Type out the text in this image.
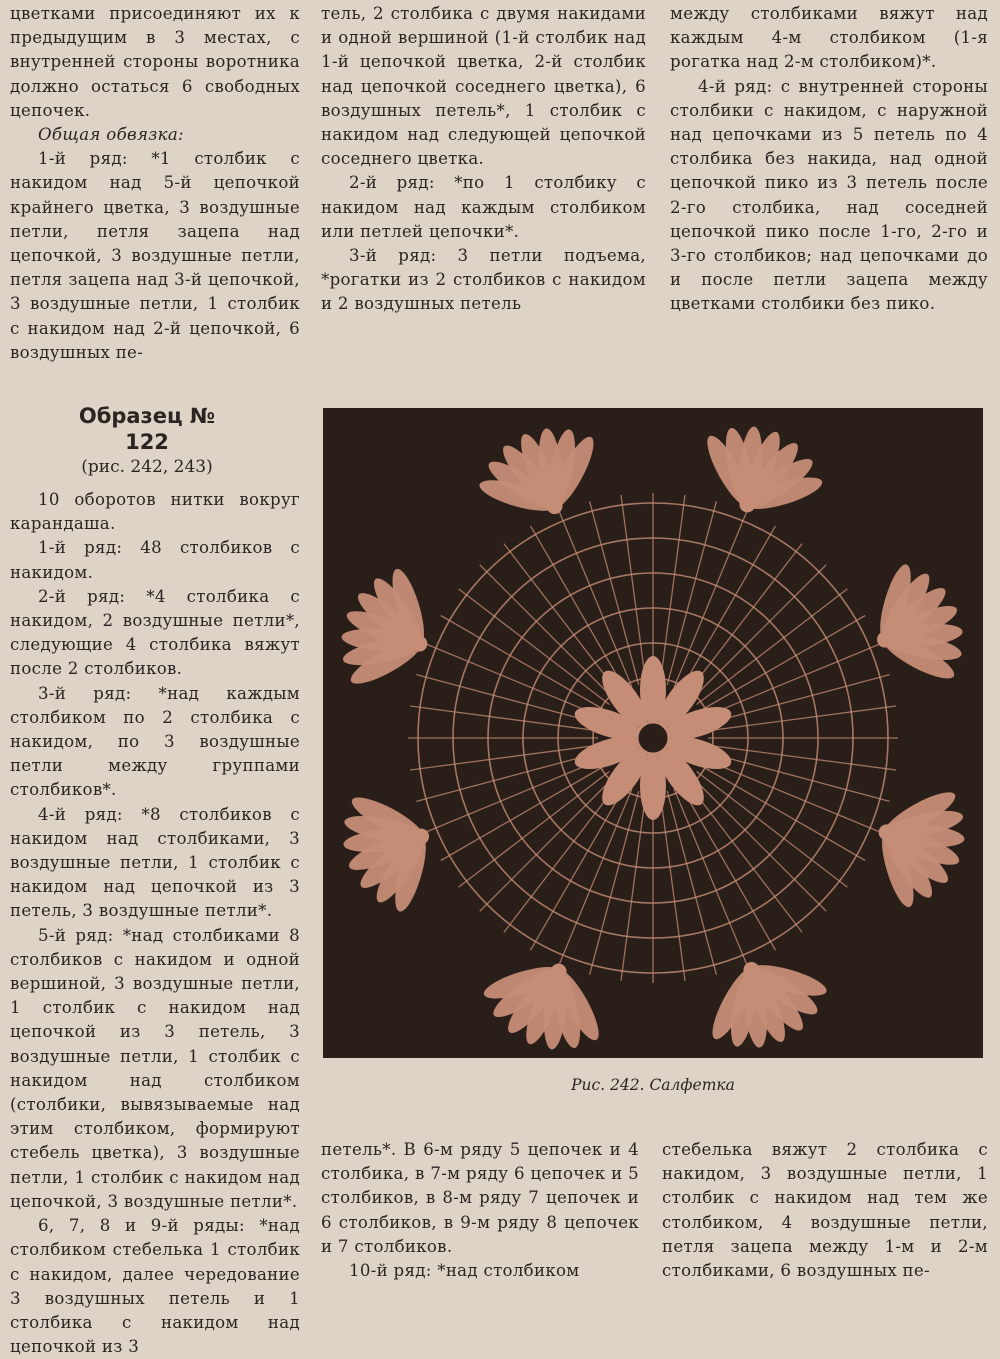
цветками присоединяют их к предыдущим в 3 местах, с внутренней стороны воротника должно остаться 6 свободных цепочек.

Общая обвязка:

1-й ряд: *1 столбик с накидом над 5-й цепочкой крайнего цветка, 3 воздушные петли, петля зацепа над цепочкой, 3 воздушные петли, петля зацепа над 3-й цепочкой, 3 воздушные петли, 1 столбик с накидом над 2-й цепочкой, 6 воздушных пе-

тель, 2 столбика с двумя накидами и одной вершиной (1-й столбик над 1-й цепочкой цветка, 2-й столбик над цепочкой соседнего цветка), 6 воздушных петель*, 1 столбик с накидом над следующей цепочкой соседнего цветка.

2-й ряд: *по 1 столбику с накидом над каждым столбиком или петлей цепочки*.

3-й ряд: 3 петли подъема, *рогатки из 2 столбиков с накидом и 2 воздушных петель

между столбиками вяжут над каждым 4-м столбиком (1-я рогатка над 2-м столбиком)*.

4-й ряд: с внутренней стороны столбики с накидом, с наружной над цепочками из 5 петель по 4 столбика без накида, над одной цепочкой пико из 3 петель после 2-го столбика, над соседней цепочкой пико после 1-го, 2-го и 3-го столбиков; над цепочками до и после петли зацепа между цветками столбики без пико.

Образец № 122
(рис. 242, 243)

10 оборотов нитки вокруг карандаша.

1-й ряд: 48 столбиков с накидом.

2-й ряд: *4 столбика с накидом, 2 воздушные петли*, следующие 4 столбика вяжут после 2 столбиков.

3-й ряд: *над каждым столбиком по 2 столбика с накидом, по 3 воздушные петли между группами столбиков*.

4-й ряд: *8 столбиков с накидом над столбиками, 3 воздушные петли, 1 столбик с накидом над цепочкой из 3 петель, 3 воздушные петли*.

5-й ряд: *над столбиками 8 столбиков с накидом и одной вершиной, 3 воздушные петли, 1 столбик с накидом над цепочкой из 3 петель, 3 воздушные петли, 1 столбик с накидом над столбиком (столбики, вывязываемые над этим столбиком, формируют стебель цветка), 3 воздушные петли, 1 столбик с накидом над цепочкой, 3 воздушные петли*.

6, 7, 8 и 9-й ряды: *над столбиком стебелька 1 столбик с накидом, далее чередование 3 воздушных петель и 1 столбика с накидом над цепочкой из 3

Рис. 242. Салфетка

петель*. В 6-м ряду 5 цепочек и 4 столбика, в 7-м ряду 6 цепочек и 5 столбиков, в 8-м ряду 7 цепочек и 6 столбиков, в 9-м ряду 8 цепочек и 7 столбиков.

10-й ряд: *над столбиком

стебелька вяжут 2 столбика с накидом, 3 воздушные петли, 1 столбик с накидом над тем же столбиком, 4 воздушные петли, петля зацепа между 1-м и 2-м столбиками, 6 воздушных пе-
